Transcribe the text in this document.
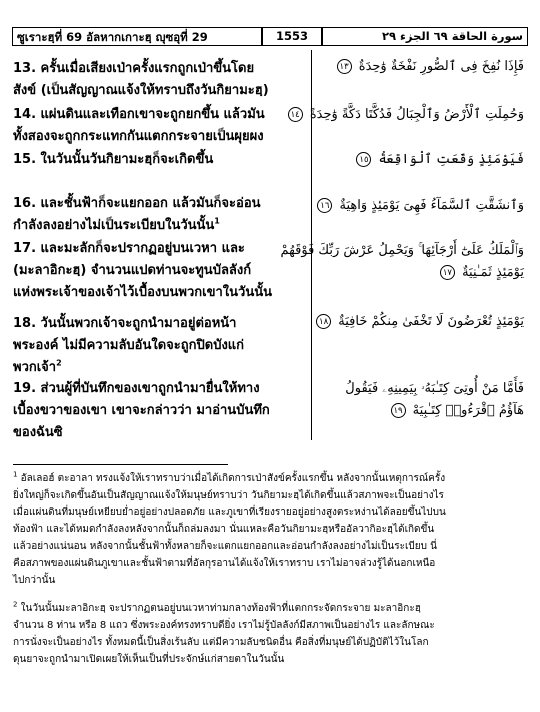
ซูเราะฮฺที่ 69 อัลหากเกาะฮฺ ญุซอุที่ 29	1553	سورة الحاقة ٦٩ الجزء ٢٩
13. ครั้นเมื่อเสียงเป่าครั้งแรกถูกเป่าขึ้นโดย
สังข์ (เป็นสัญญาณแจ้งให้ทราบถึงวันกิยามะฮฺ)
فَإِذَا نُفِخَ فِى ٱلصُّورِ نَفْخَةٌ وَٰحِدَةٌ ١٣
14. แผ่นดินและเทือกเขาจะถูกยกขึ้น แล้วมัน
ทั้งสองจะถูกกระแทกกันแตกกระจายเป็นผุยผง
وَحُمِلَتِ ٱلْأَرْضُ وَٱلْجِبَالُ فَدُكَّتَا دَكَّةً وَٰحِدَةً ١٤
15. ในวันนั้นวันกิยามะฮฺก็จะเกิดขึ้น	فَيَوْمَئِذٍ وَقَعَتِ ٱلْوَاقِعَةُ ١٥
16. และชั้นฟ้าก็จะแยกออก แล้วมันก็จะอ่อน
กำลังลงอย่างไม่เป็นระเบียบในวันนั้น$^1$
وَٱنشَقَّتِ ٱلسَّمَآءُ فَهِىَ يَوْمَئِذٍ وَاهِيَةٌ ١٦
17. และมะลักก็จะปรากฏอยู่บนเวหา และ
(มะลาอิกะฮฺ) จำนวนแปดท่านจะทูนบัลลังก์
แห่งพระเจ้าของเจ้าไว้เบื้องบนพวกเขาในวันนั้น
وَٱلْمَلَكُ عَلَىٰٓ أَرْجَآئِهَا ۚ وَيَحْمِلُ عَرْشَ رَبِّكَ فَوْقَهُمْ
يَوْمَئِذٍ ثَمَـٰنِيَةٌ ١٧
18. วันนั้นพวกเจ้าจะถูกนำมาอยู่ต่อหน้า
พระองค์ ไม่มีความลับอันใดจะถูกปิดบังแก่
พวกเจ้า$^2$
يَوْمَئِذٍ تُعْرَضُونَ لَا تَخْفَىٰ مِنكُمْ خَافِيَةٌ ١٨
19. ส่วนผู้ที่บันทึกของเขาถูกนำมายื่นให้ทาง
เบื้องขวาของเขา เขาจะกล่าวว่า มาอ่านบันทึก
ของฉันซิ
فَأَمَّا مَنْ أُوتِىَ كِتَـٰبَهُۥ بِيَمِينِهِۦ فَيَقُولُ
هَآؤُمُ ٱقْرَءُوا۟ كِتَـٰبِيَهْ ١٩
$^1$ อัลเลอฮ์ ตะอาลา ทรงแจ้งให้เราทราบว่าเมื่อได้เกิดการเป่าสังข์ครั้งแรกขึ้น หลังจากนั้นเหตุการณ์ครั้ง
ยิ่งใหญ่ก็จะเกิดขึ้นอันเป็นสัญญาณแจ้งให้มนุษย์ทราบว่า วันกิยามะฮฺได้เกิดขึ้นแล้วสภาพจะเป็นอย่างไร
เมื่อแผ่นดินที่มนุษย์เหยียบย่ำอยู่อย่างปลอดภัย และภูเขาที่เรียงรายอยู่อย่างสูงตระหง่านได้ลอยขึ้นไปบน
ท้องฟ้า และได้หมดกำลังลงหลังจากนั้นก็ถล่มลงมา นั่นแหละคือวันกิยามะฮฺหรืออัลวากิอะฮฺได้เกิดขึ้น
แล้วอย่างแน่นอน หลังจากนั้นชั้นฟ้าทั้งหลายก็จะแตกแยกออกและอ่อนกำลังลงอย่างไม่เป็นระเบียบ นี่
คือสภาพของแผ่นดินภูเขาและชั้นฟ้าตามที่อัลกุรอานได้แจ้งให้เราทราบ เราไม่อาจล่วงรู้ได้นอกเหนือ
ไปกว่านั้น
$^2$ ในวันนั้นมะลาอิกะฮฺ จะปรากฏตนอยู่บนเวหาท่ามกลางท้องฟ้าที่แตกกระจัดกระจาย มะลาอิกะฮฺ
จำนวน 8 ท่าน หรือ 8 แถว ซึ่งพระองค์ทรงทราบดียิ่ง เราไม่รู้บัลลังก์มีสภาพเป็นอย่างไร และลักษณะ
การนั่งจะเป็นอย่างไร ทั้งหมดนี้เป็นสิ่งเร้นลับ แต่มีความลับชนิดอื่น คือสิ่งที่มนุษย์ได้ปฏิบัติไว้ในโลก
ดุนยาจะถูกนำมาเปิดเผยให้เห็นเป็นที่ประจักษ์แก่สายตาในวันนั้น
